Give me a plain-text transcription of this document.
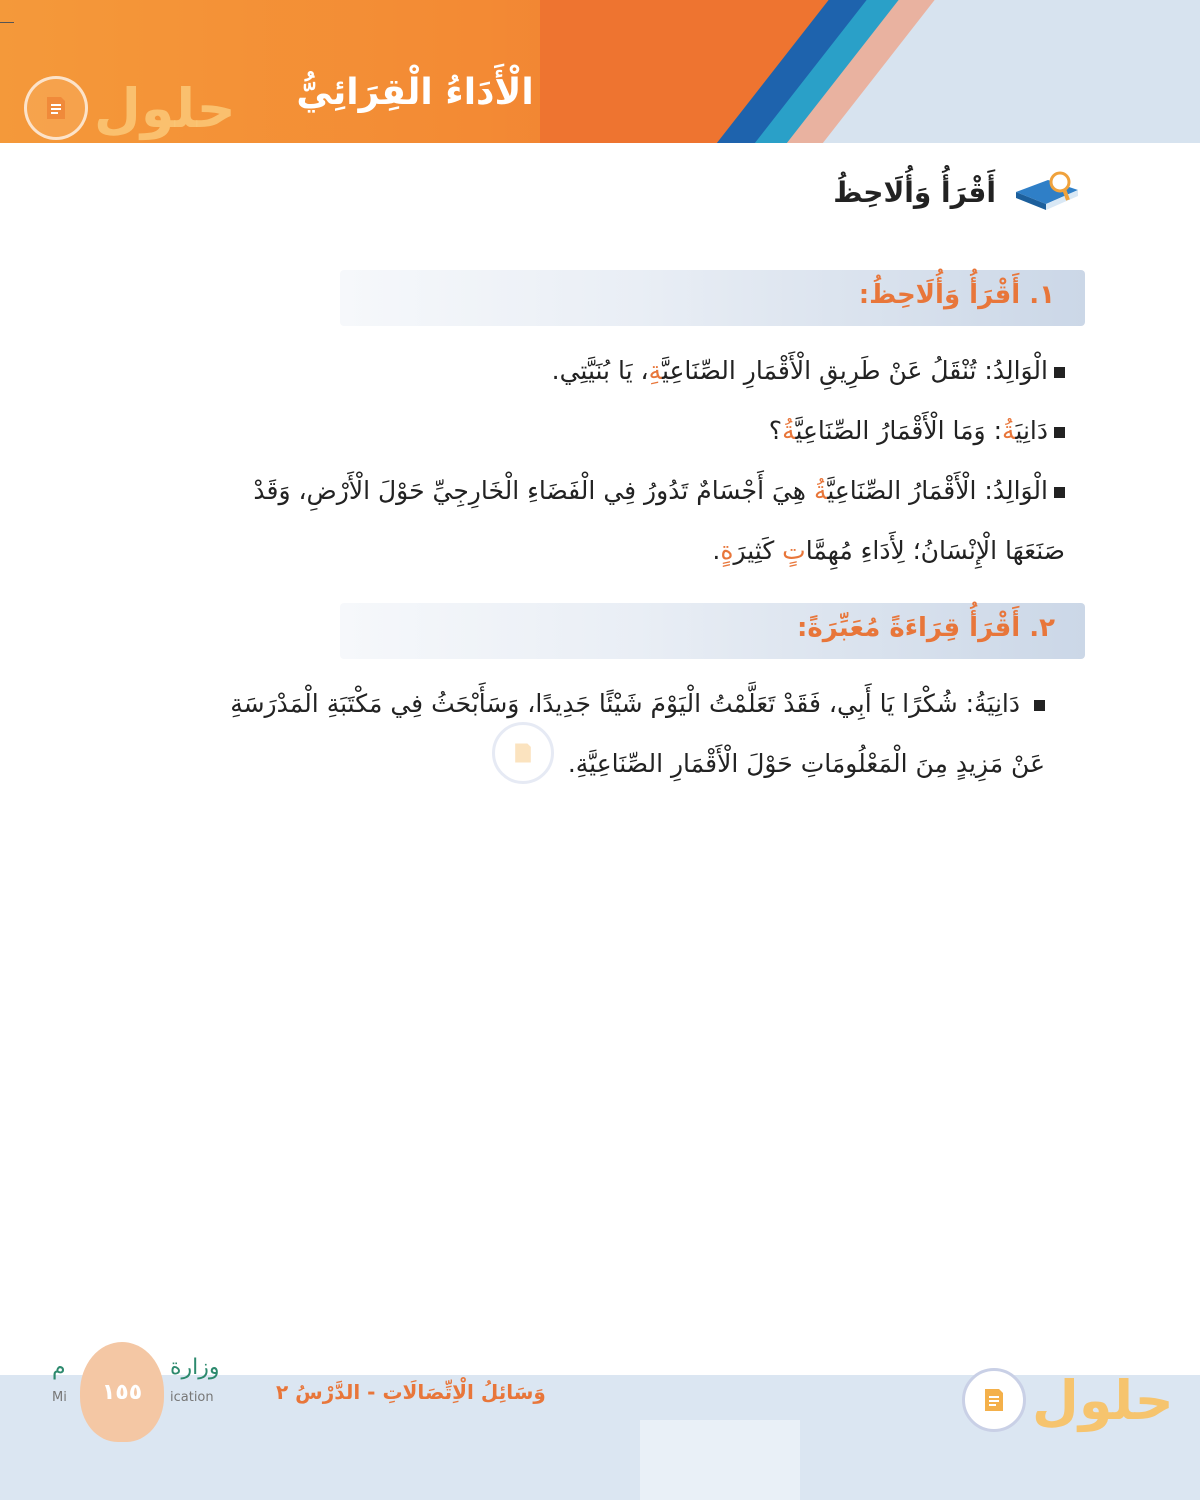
الْأَدَاءُ الْقِرَائِيُّ
حلول
أَقْرَأُ وَأُلَاحِظُ
١. أَقْرَأُ وَأُلَاحِظُ:
الْوَالِدُ: تُنْقَلُ عَنْ طَرِيقِ الْأَقْمَارِ الصِّنَاعِيَّةِ، يَا بُنَيَّتِي.
دَانِيَةُ: وَمَا الْأَقْمَارُ الصِّنَاعِيَّةُ؟
الْوَالِدُ: الْأَقْمَارُ الصِّنَاعِيَّةُ هِيَ أَجْسَامٌ تَدُورُ فِي الْفَضَاءِ الْخَارِجِيِّ حَوْلَ الْأَرْضِ، وَقَدْ
صَنَعَهَا الْإِنْسَانُ؛ لِأَدَاءِ مُهِمَّاتٍ كَثِيرَةٍ.
٢. أَقْرَأُ قِرَاءَةً مُعَبِّرَةً:
دَانِيَةُ: شُكْرًا يَا أَبِي، فَقَدْ تَعَلَّمْتُ الْيَوْمَ شَيْئًا جَدِيدًا، وَسَأَبْحَثُ فِي مَكْتَبَةِ الْمَدْرَسَةِ
عَنْ مَزِيدٍ مِنَ الْمَعْلُومَاتِ حَوْلَ الْأَقْمَارِ الصِّنَاعِيَّةِ.
م	وزارة
Mi	ication
١٥٥	وَسَائِلُ الْاِتِّصَالَاتِ - الدَّرْسُ ٢	حلول
